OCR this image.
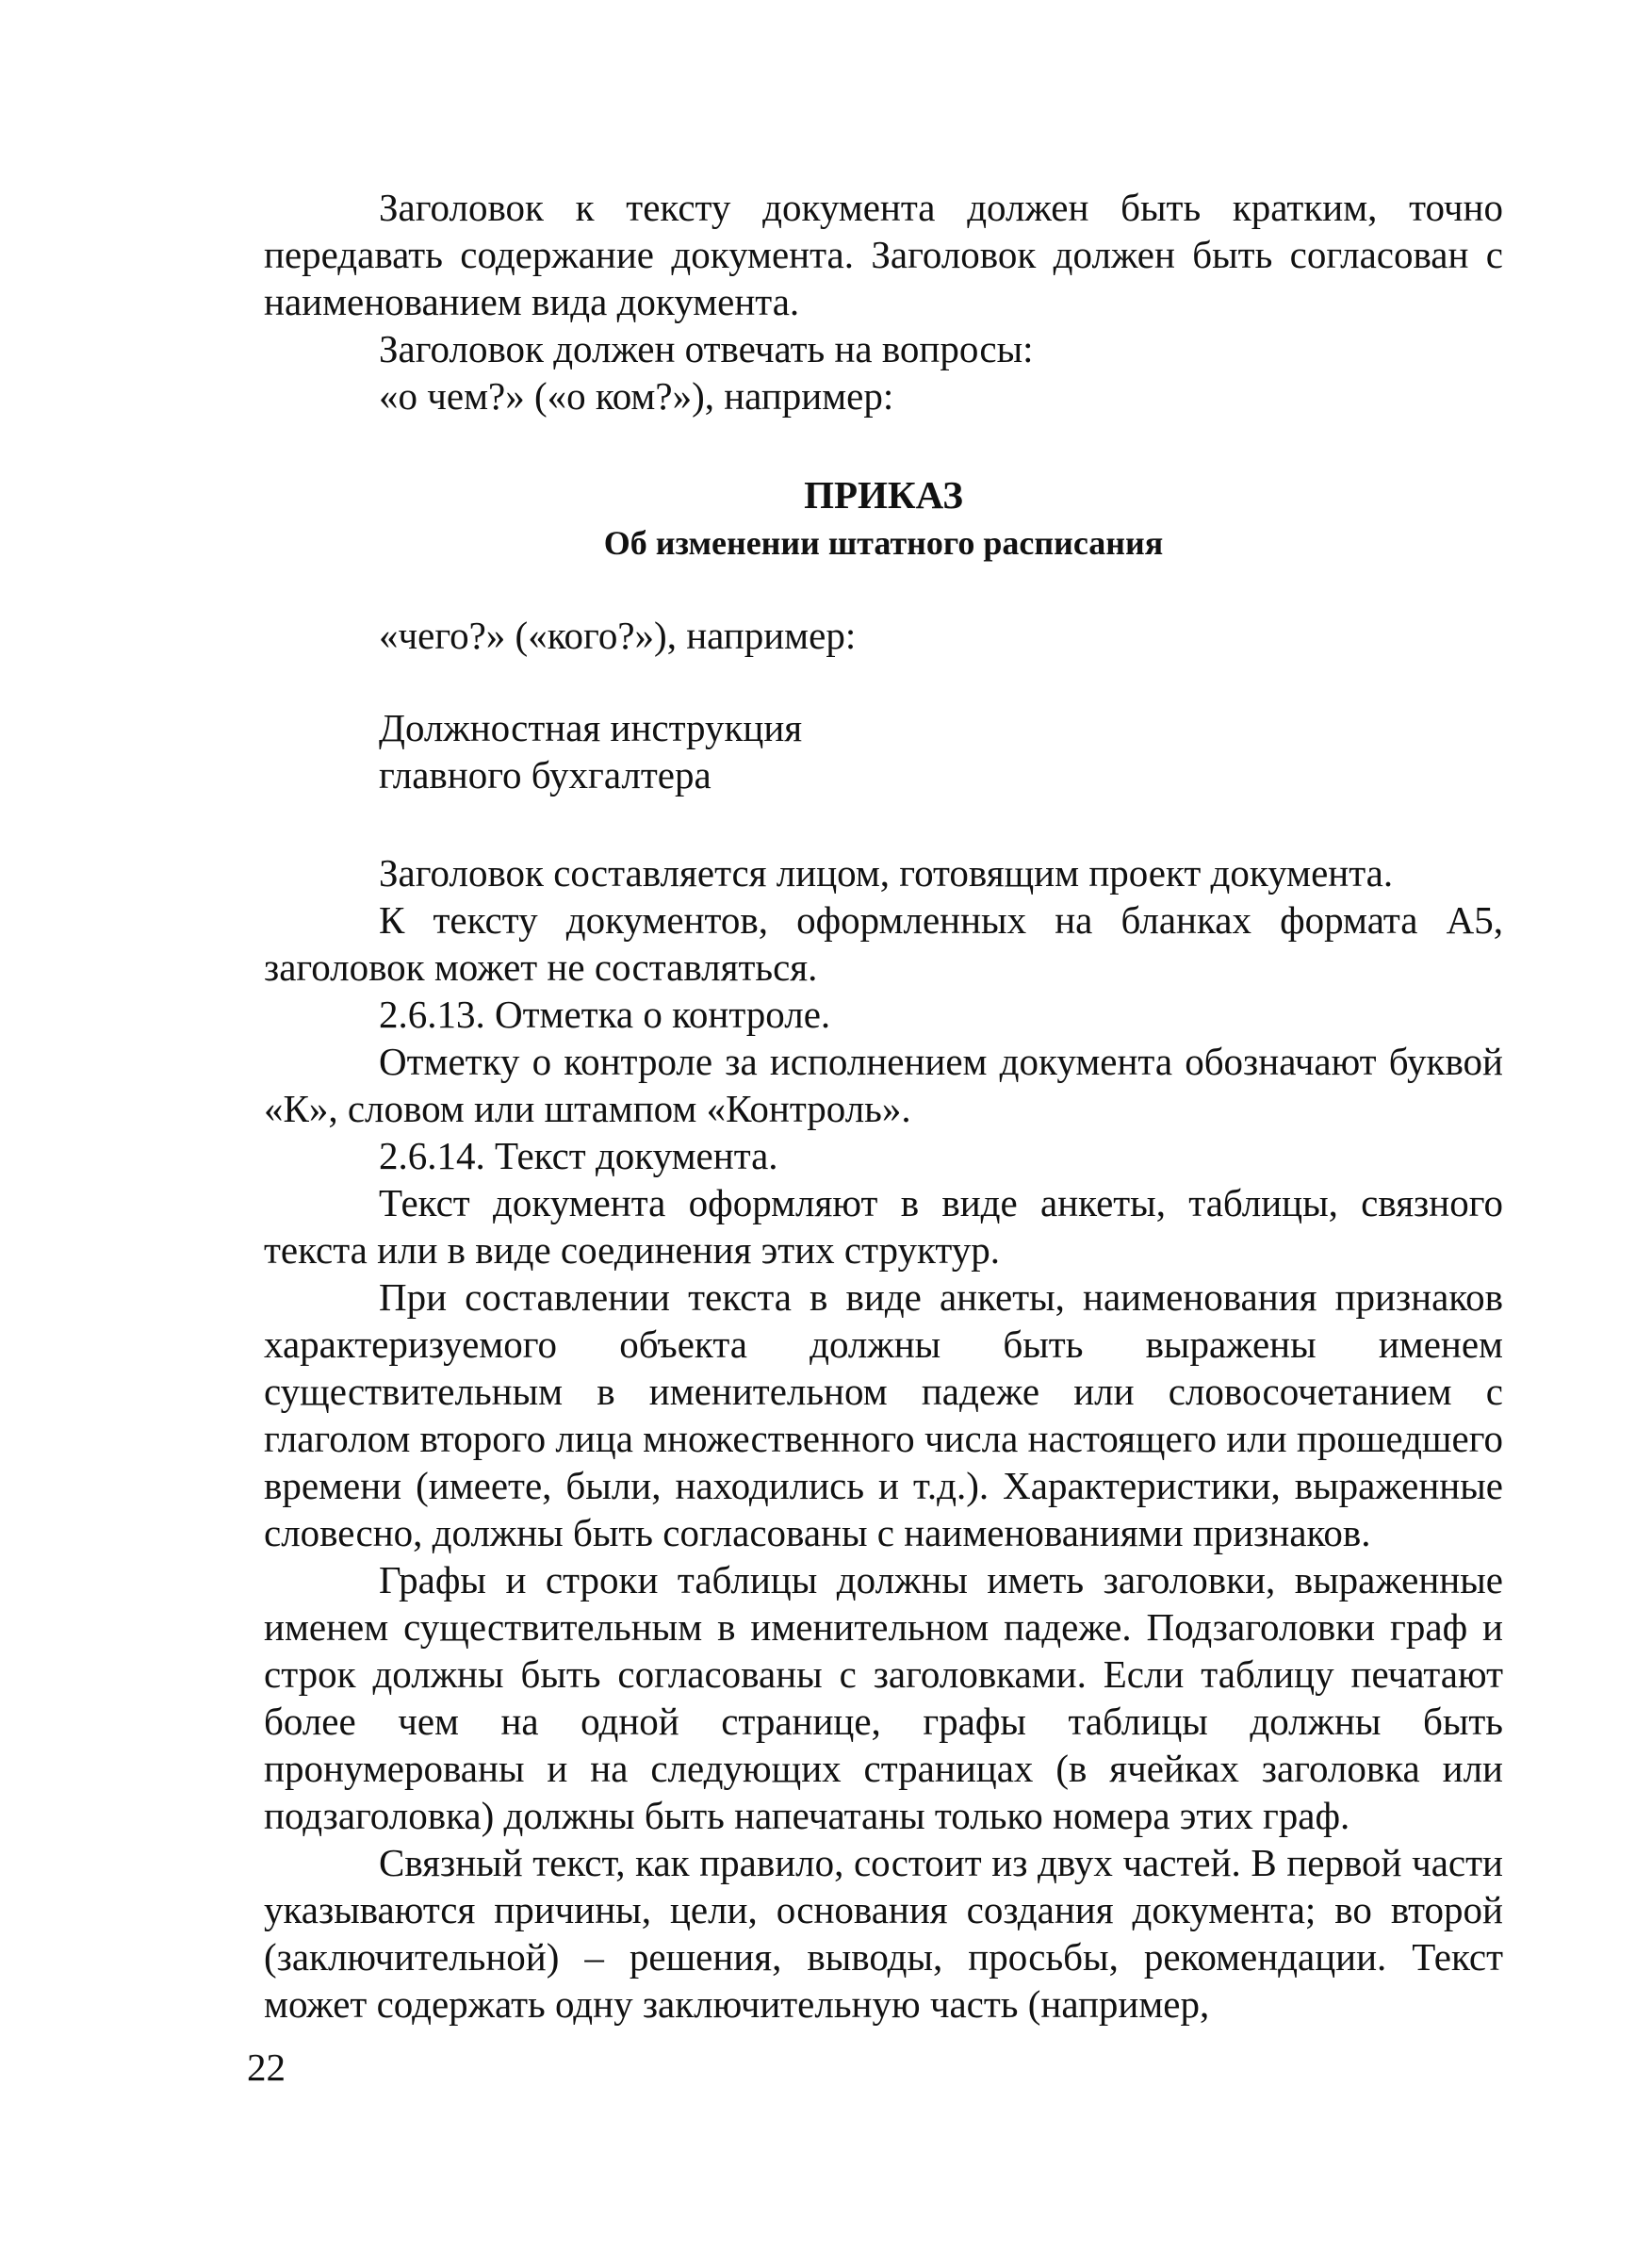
Заголовок к тексту документа должен быть кратким, точно передавать содержание документа. Заголовок должен быть согласован с наименованием вида документа.

Заголовок должен отвечать на вопросы:

«о чем?» («о ком?»), например:

ПРИКАЗ

Об изменении штатного расписания

«чего?» («кого?»), например:

Должностная инструкция

главного бухгалтера

Заголовок составляется лицом, готовящим проект документа.

К тексту документов, оформленных на бланках формата А5, заголовок может не составляться.

2.6.13. Отметка о контроле.

Отметку о контроле за исполнением документа обозначают буквой «К», словом или штампом «Контроль».

2.6.14. Текст документа.

Текст документа оформляют в виде анкеты, таблицы, связного текста или в виде соединения этих структур.

При составлении текста в виде анкеты, наименования признаков характеризуемого объекта должны быть выражены именем существительным в именительном падеже или словосочетанием с глаголом второго лица множественного числа настоящего или прошедшего времени (имеете, были, находились и т.д.). Характеристики, выраженные словесно, должны быть согласованы с наименованиями признаков.

Графы и строки таблицы должны иметь заголовки, выраженные именем существительным в именительном падеже. Подзаголовки граф и строк должны быть согласованы с заголовками. Если таблицу печатают более чем на одной странице, графы таблицы должны быть пронумерованы и на следующих страницах (в ячейках заголовка или подзаголовка) должны быть напечатаны только номера этих граф.

Связный текст, как правило, состоит из двух частей. В первой части указываются причины, цели, основания создания документа; во второй (заключительной) – решения, выводы, просьбы, рекомендации. Текст может содержать одну заключительную часть (например,

22
